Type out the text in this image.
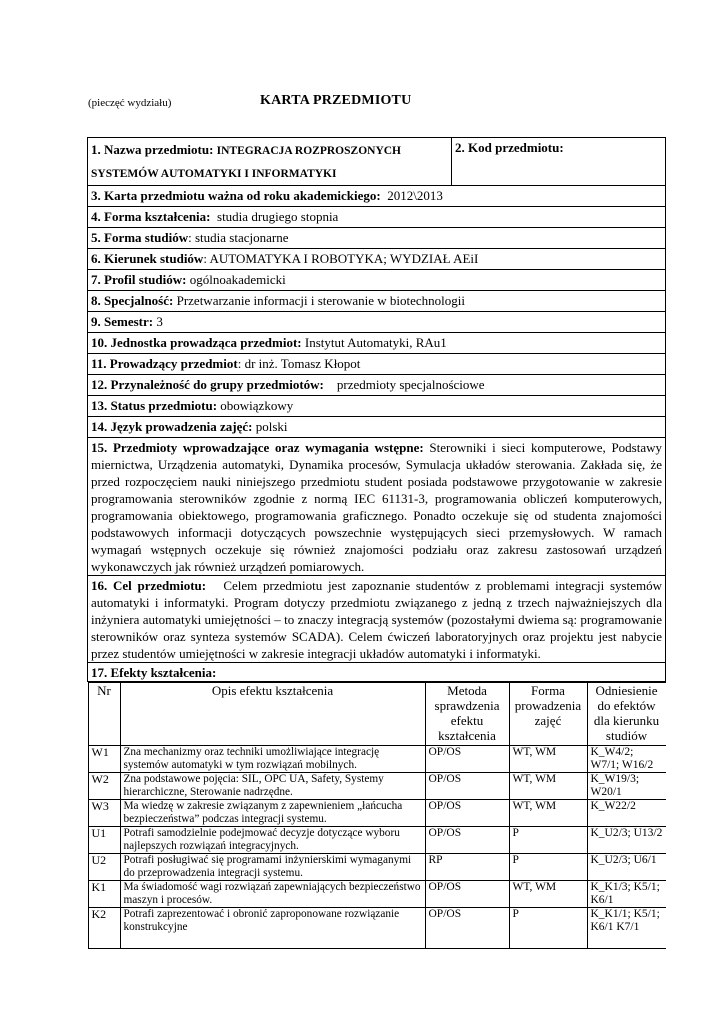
(pieczęć wydziału)	KARTA PRZEDMIOTU
1. Nazwa przedmiotu: INTEGRACJA ROZPROSZONYCH
SYSTEMÓW AUTOMATYKI I INFORMATYKI	2. Kod przedmiotu:
3. Karta przedmiotu ważna od roku akademickiego: 2012\2013
4. Forma kształcenia: studia drugiego stopnia
5. Forma studiów: studia stacjonarne
6. Kierunek studiów: AUTOMATYKA I ROBOTYKA; WYDZIAŁ AEiI
7. Profil studiów: ogólnoakademicki
8. Specjalność: Przetwarzanie informacji i sterowanie w biotechnologii
9. Semestr: 3
10. Jednostka prowadząca przedmiot: Instytut Automatyki, RAu1
11. Prowadzący przedmiot: dr inż. Tomasz Kłopot
12. Przynależność do grupy przedmiotów: przedmioty specjalnościowe
13. Status przedmiotu: obowiązkowy
14. Język prowadzenia zajęć: polski
15. Przedmioty wprowadzające oraz wymagania wstępne: Sterowniki i sieci komputerowe, Podstawy miernictwa, Urządzenia automatyki, Dynamika procesów, Symulacja układów sterowania. Zakłada się, że przed rozpoczęciem nauki niniejszego przedmiotu student posiada podstawowe przygotowanie w zakresie programowania sterowników zgodnie z normą IEC 61131-3, programowania obliczeń komputerowych, programowania obiektowego, programowania graficznego. Ponadto oczekuje się od studenta znajomości podstawowych informacji dotyczących powszechnie występujących sieci przemysłowych. W ramach wymagań wstępnych oczekuje się również znajomości podziału oraz zakresu zastosowań urządzeń wykonawczych jak również urządzeń pomiarowych.
16. Cel przedmiotu: Celem przedmiotu jest zapoznanie studentów z problemami integracji systemów automatyki i informatyki. Program dotyczy przedmiotu związanego z jedną z trzech najważniejszych dla inżyniera automatyki umiejętności – to znaczy integracją systemów (pozostałymi dwiema są: programowanie sterowników oraz synteza systemów SCADA). Celem ćwiczeń laboratoryjnych oraz projektu jest nabycie przez studentów umiejętności w zakresie integracji układów automatyki i informatyki.
17. Efekty kształcenia:

Nr	Opis efektu kształcenia	Metoda sprawdzenia efektu kształcenia	Forma prowadzenia zajęć	Odniesienie do efektów dla kierunku studiów
W1	Zna mechanizmy oraz techniki umożliwiające integrację systemów automatyki w tym rozwiązań mobilnych.	OP/OS	WT, WM	K_W4/2; W7/1; W16/2
W2	Zna podstawowe pojęcia: SIL, OPC UA, Safety, Systemy hierarchiczne, Sterowanie nadrzędne.	OP/OS	WT, WM	K_W19/3; W20/1
W3	Ma wiedzę w zakresie związanym z zapewnieniem „łańcucha bezpieczeństwa” podczas integracji systemu.	OP/OS	WT, WM	K_W22/2
U1	Potrafi samodzielnie podejmować decyzje dotyczące wyboru najlepszych rozwiązań integracyjnych.	OP/OS	P	K_U2/3; U13/2
U2	Potrafi posługiwać się programami inżynierskimi wymaganymi do przeprowadzenia integracji systemu.	RP	P	K_U2/3; U6/1
K1	Ma świadomość wagi rozwiązań zapewniających bezpieczeństwo maszyn i procesów.	OP/OS	WT, WM	K_K1/3; K5/1; K6/1
K2	Potrafi zaprezentować i obronić zaproponowane rozwiązanie konstrukcyjne	OP/OS	P	K_K1/1; K5/1; K6/1 K7/1
